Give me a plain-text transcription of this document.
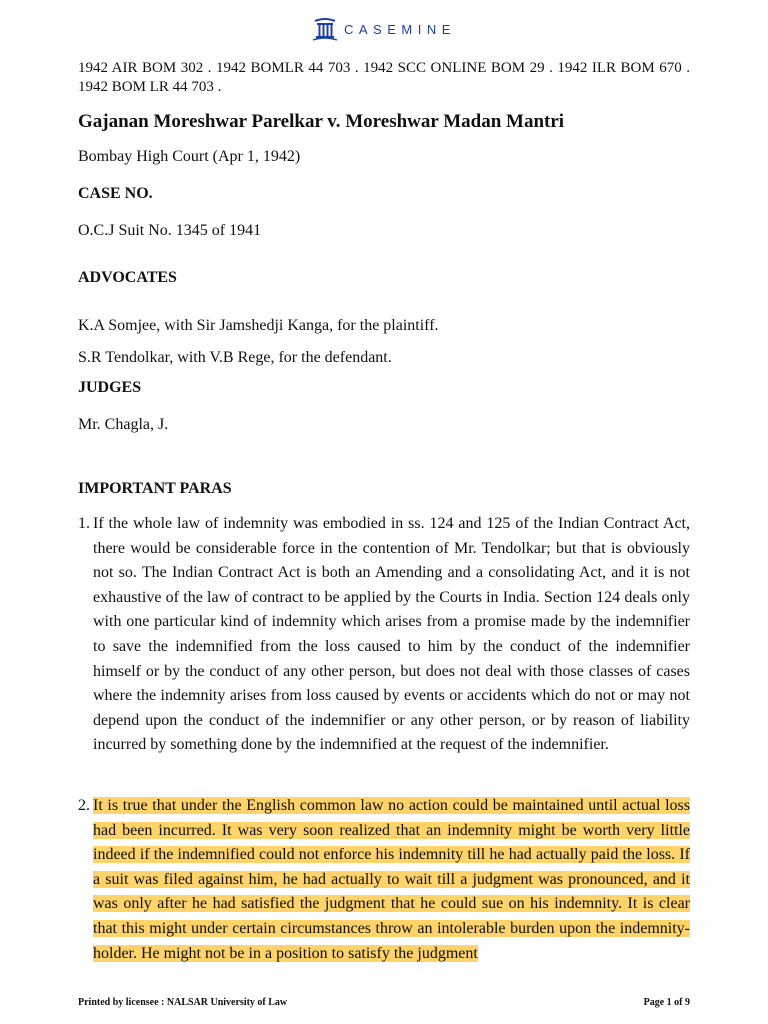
CASEMINE
1942 AIR BOM 302 . 1942 BOMLR 44 703 . 1942 SCC ONLINE BOM 29 . 1942 ILR BOM 670 . 1942 BOM LR 44 703 .
Gajanan Moreshwar Parelkar v. Moreshwar Madan Mantri
Bombay High Court (Apr 1, 1942)
CASE NO.
O.C.J Suit No. 1345 of 1941
ADVOCATES
K.A Somjee, with Sir Jamshedji Kanga, for the plaintiff.
S.R Tendolkar, with V.B Rege, for the defendant.
JUDGES
Mr. Chagla, J.
IMPORTANT PARAS
1. If the whole law of indemnity was embodied in ss. 124 and 125 of the Indian Contract Act, there would be considerable force in the contention of Mr. Tendolkar; but that is obviously not so. The Indian Contract Act is both an Amending and a consolidating Act, and it is not exhaustive of the law of contract to be applied by the Courts in India. Section 124 deals only with one particular kind of indemnity which arises from a promise made by the indemnifier to save the indemnified from the loss caused to him by the conduct of the indemnifier himself or by the conduct of any other person, but does not deal with those classes of cases where the indemnity arises from loss caused by events or accidents which do not or may not depend upon the conduct of the indemnifier or any other person, or by reason of liability incurred by something done by the indemnified at the request of the indemnifier.
2. It is true that under the English common law no action could be maintained until actual loss had been incurred. It was very soon realized that an indemnity might be worth very little indeed if the indemnified could not enforce his indemnity till he had actually paid the loss. If a suit was filed against him, he had actually to wait till a judgment was pronounced, and it was only after he had satisfied the judgment that he could sue on his indemnity. It is clear that this might under certain circumstances throw an intolerable burden upon the indemnity-holder. He might not be in a position to satisfy the judgment
Printed by licensee : NALSAR University of Law	Page 1 of 9
